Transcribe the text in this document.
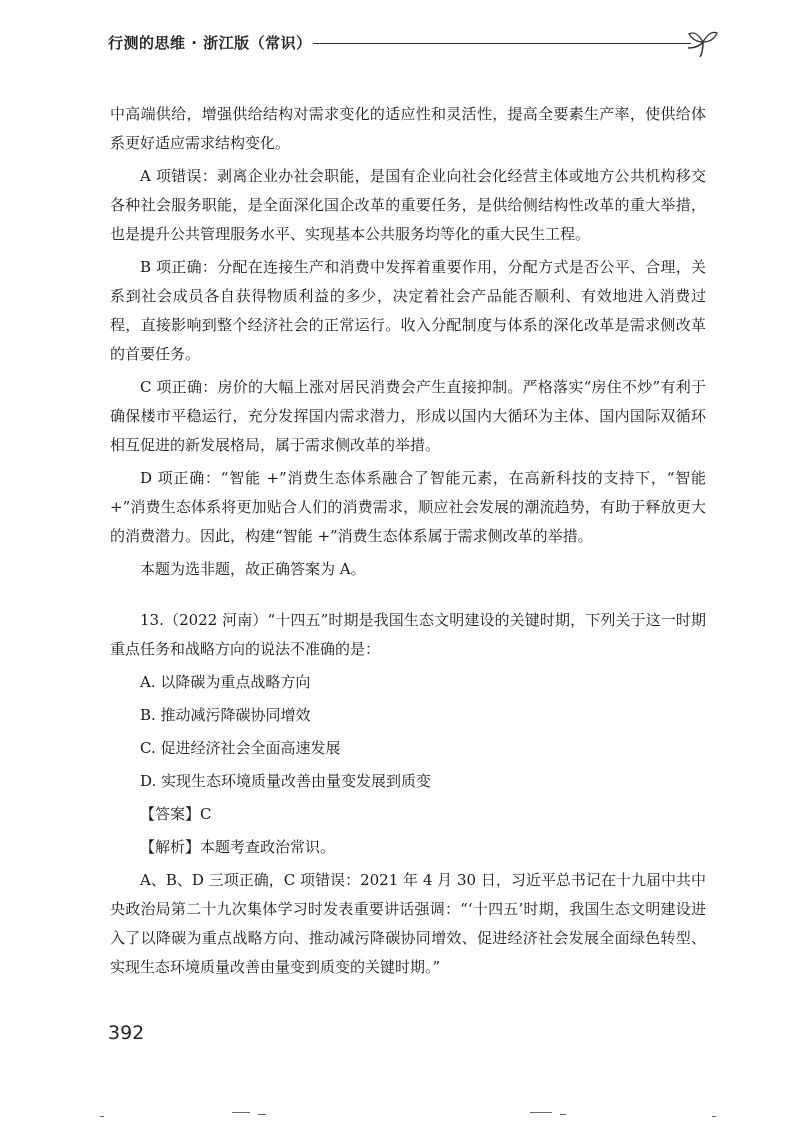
行测的思维 · 浙江版（常识）

中高端供给，增强供给结构对需求变化的适应性和灵活性，提高全要素生产率，使供给体系更好适应需求结构变化。

A 项错误：剥离企业办社会职能，是国有企业向社会化经营主体或地方公共机构移交各种社会服务职能，是全面深化国企改革的重要任务，是供给侧结构性改革的重大举措，也是提升公共管理服务水平、实现基本公共服务均等化的重大民生工程。

B 项正确：分配在连接生产和消费中发挥着重要作用，分配方式是否公平、合理，关系到社会成员各自获得物质利益的多少，决定着社会产品能否顺利、有效地进入消费过程，直接影响到整个经济社会的正常运行。收入分配制度与体系的深化改革是需求侧改革的首要任务。

C 项正确：房价的大幅上涨对居民消费会产生直接抑制。严格落实“房住不炒”有利于确保楼市平稳运行，充分发挥国内需求潜力，形成以国内大循环为主体、国内国际双循环相互促进的新发展格局，属于需求侧改革的举措。

D 项正确：“智能 +”消费生态体系融合了智能元素，在高新科技的支持下，“智能 +”消费生态体系将更加贴合人们的消费需求，顺应社会发展的潮流趋势，有助于释放更大的消费潜力。因此，构建“智能 +”消费生态体系属于需求侧改革的举措。

本题为选非题，故正确答案为 A。

13.（2022 河南）“十四五”时期是我国生态文明建设的关键时期，下列关于这一时期重点任务和战略方向的说法不准确的是：

A. 以降碳为重点战略方向

B. 推动减污降碳协同增效

C. 促进经济社会全面高速发展

D. 实现生态环境质量改善由量变发展到质变

【答案】C

【解析】本题考查政治常识。

A、B、D 三项正确，C 项错误：2021 年 4 月 30 日，习近平总书记在十九届中共中央政治局第二十九次集体学习时发表重要讲话强调：“‘十四五’时期，我国生态文明建设进入了以降碳为重点战略方向、推动减污降碳协同增效、促进经济社会发展全面绿色转型、实现生态环境质量改善由量变到质变的关键时期。”

392
